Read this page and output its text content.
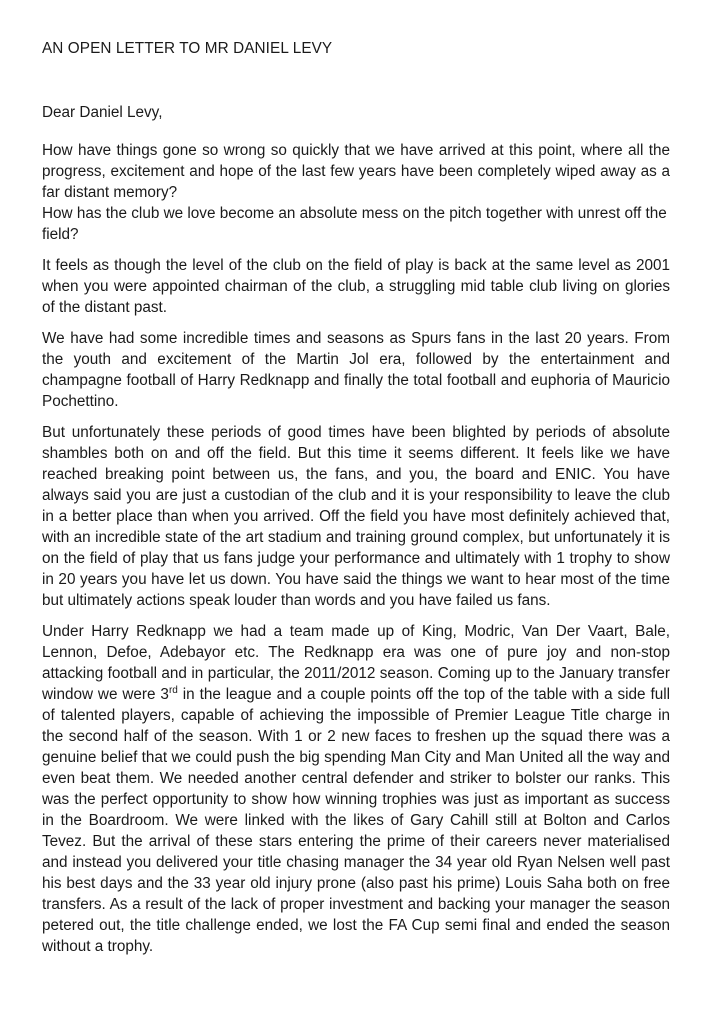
AN OPEN LETTER TO MR DANIEL LEVY

Dear Daniel Levy,

How have things gone so wrong so quickly that we have arrived at this point, where all the progress, excitement and hope of the last few years have been completely wiped away as a far distant memory?

How has the club we love become an absolute mess on the pitch together with unrest off the field?

It feels as though the level of the club on the field of play is back at the same level as 2001 when you were appointed chairman of the club, a struggling mid table club living on glories of the distant past.

We have had some incredible times and seasons as Spurs fans in the last 20 years. From the youth and excitement of the Martin Jol era, followed by the entertainment and champagne football of Harry Redknapp and finally the total football and euphoria of Mauricio Pochettino.

But unfortunately these periods of good times have been blighted by periods of absolute shambles both on and off the field. But this time it seems different. It feels like we have reached breaking point between us, the fans, and you, the board and ENIC. You have always said you are just a custodian of the club and it is your responsibility to leave the club in a better place than when you arrived. Off the field you have most definitely achieved that, with an incredible state of the art stadium and training ground complex, but unfortunately it is on the field of play that us fans judge your performance and ultimately with 1 trophy to show in 20 years you have let us down. You have said the things we want to hear most of the time but ultimately actions speak louder than words and you have failed us fans.

Under Harry Redknapp we had a team made up of King, Modric, Van Der Vaart, Bale, Lennon, Defoe, Adebayor etc. The Redknapp era was one of pure joy and non-stop attacking football and in particular, the 2011/2012 season. Coming up to the January transfer window we were 3rd in the league and a couple points off the top of the table with a side full of talented players, capable of achieving the impossible of Premier League Title charge in the second half of the season. With 1 or 2 new faces to freshen up the squad there was a genuine belief that we could push the big spending Man City and Man United all the way and even beat them. We needed another central defender and striker to bolster our ranks. This was the perfect opportunity to show how winning trophies was just as important as success in the Boardroom. We were linked with the likes of Gary Cahill still at Bolton and Carlos Tevez. But the arrival of these stars entering the prime of their careers never materialised and instead you delivered your title chasing manager the 34 year old Ryan Nelsen well past his best days and the 33 year old injury prone (also past his prime) Louis Saha both on free transfers. As a result of the lack of proper investment and backing your manager the season petered out, the title challenge ended, we lost the FA Cup semi final and ended the season without a trophy.
